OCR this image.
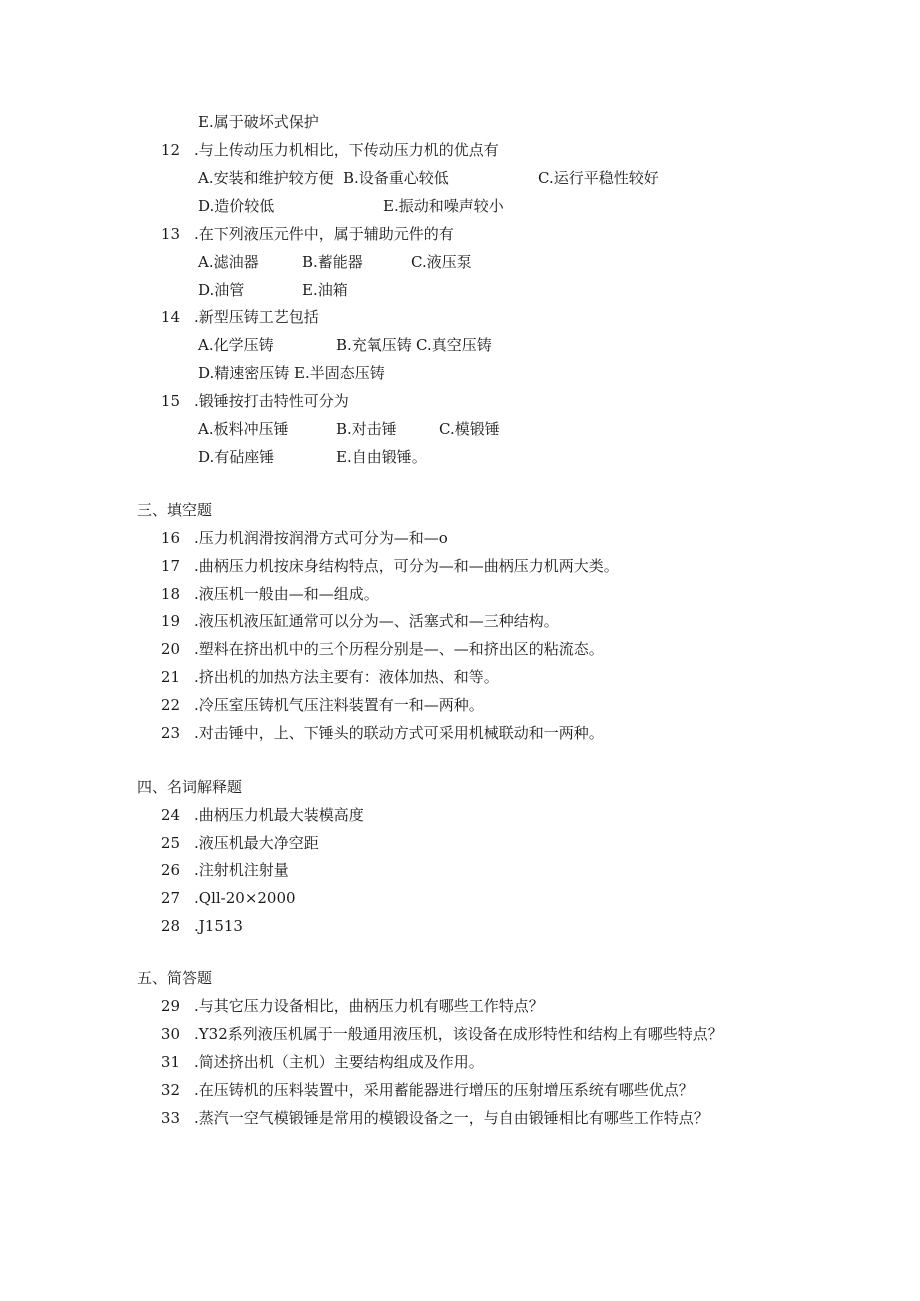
E.属于破坏式保护
12 .与上传动压力机相比，下传动压力机的优点有
A.安装和维护较方便 B.设备重心较低	C.运行平稳性较好
D.造价较低	E.振动和噪声较小
13 .在下列液压元件中，属于辅助元件的有
A.滤油器	B.蓄能器	C.液压泵
D.油管	E.油箱
14 .新型压铸工艺包括
A.化学压铸	B.充氧压铸 C.真空压铸
D.精速密压铸 E.半固态压铸
15 .锻锤按打击特性可分为
A.板料冲压锤	B.对击锤	C.模锻锤
D.有砧座锤	E.自由锻锤。
三、填空题
16 .压力机润滑按润滑方式可分为—和—o
17 .曲柄压力机按床身结构特点，可分为—和—曲柄压力机两大类。
18 .液压机一般由—和—组成。
19 .液压机液压缸通常可以分为—、活塞式和—三种结构。
20 .塑料在挤出机中的三个历程分别是—、—和挤出区的粘流态。
21 .挤出机的加热方法主要有：液体加热、和等。
22 .冷压室压铸机气压注料装置有一和—两种。
23 .对击锤中，上、下锤头的联动方式可采用机械联动和一两种。
四、名词解释题
24 .曲柄压力机最大装模高度
25 .液压机最大净空距
26 .注射机注射量
27 .Qll-20×2000
28 .J1513
五、简答题
29 .与其它压力设备相比，曲柄压力机有哪些工作特点？
30 .Y32系列液压机属于一般通用液压机，该设备在成形特性和结构上有哪些特点？
31 .简述挤出机（主机）主要结构组成及作用。
32 .在压铸机的压料装置中，采用蓄能器进行增压的压射增压系统有哪些优点？
33 .蒸汽一空气模锻锤是常用的模锻设备之一，与自由锻锤相比有哪些工作特点？
